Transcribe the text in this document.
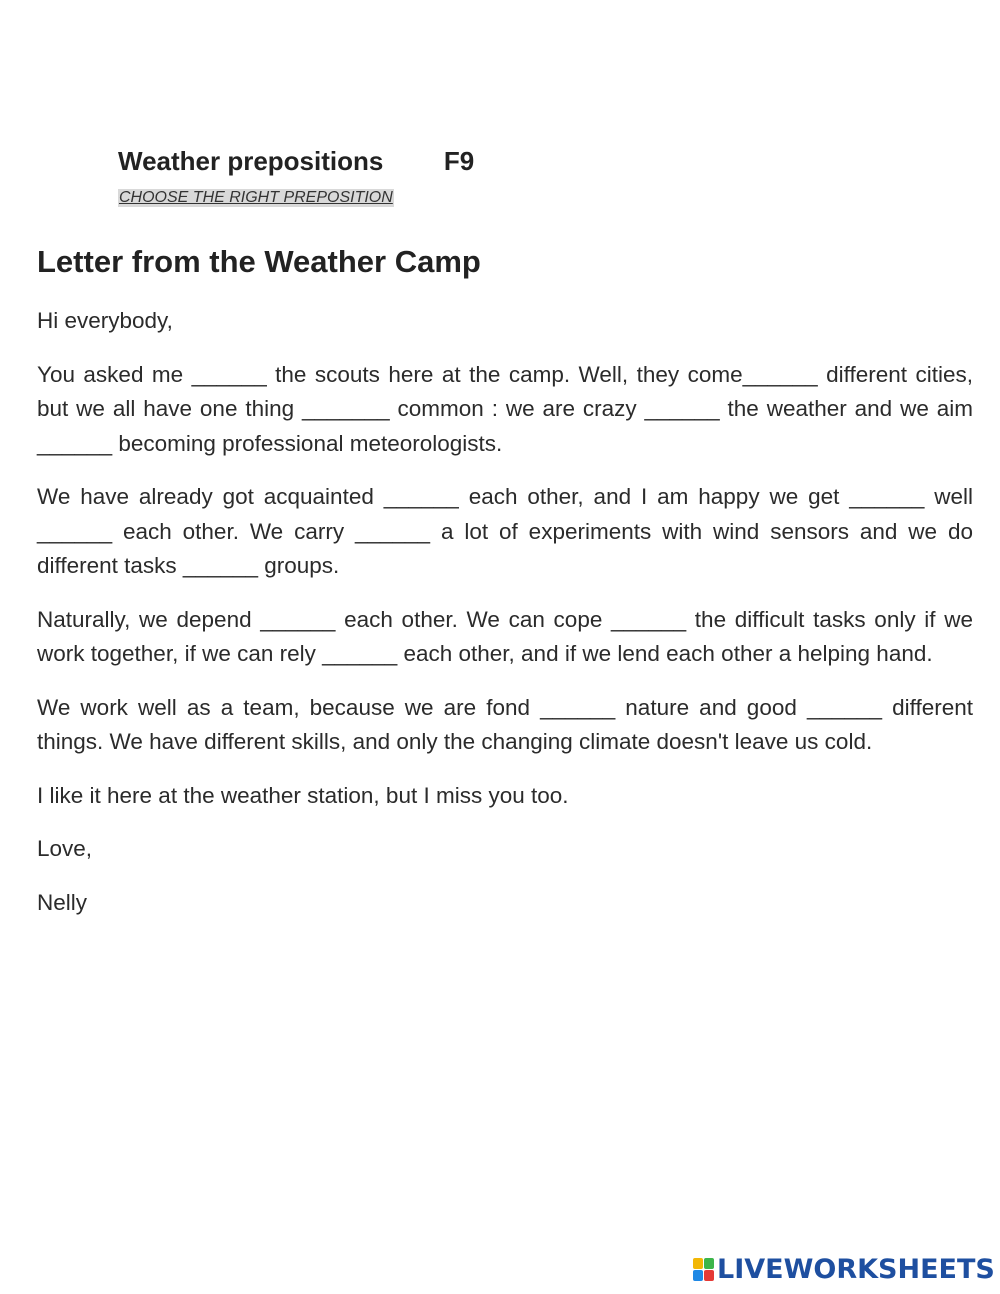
Weather prepositions F9
CHOOSE THE RIGHT PREPOSITION
Letter from the Weather Camp

Hi everybody,

You asked me ______ the scouts here at the camp. Well, they come______ different cities, but we all have one thing _______ common : we are crazy ______ the weather and we aim ______ becoming professional meteorologists.

We have already got acquainted ______ each other, and I am happy we get ______ well ______ each other. We carry ______ a lot of experiments with wind sensors and we do different tasks ______ groups.

Naturally, we depend ______ each other. We can cope ______ the difficult tasks only if we work together, if we can rely ______ each other, and if we lend each other a helping hand.

We work well as a team, because we are fond ______ nature and good ______ different things. We have different skills, and only the changing climate doesn't leave us cold.

I like it here at the weather station, but I miss you too.

Love,

Nelly

LIVEWORKSHEETS
